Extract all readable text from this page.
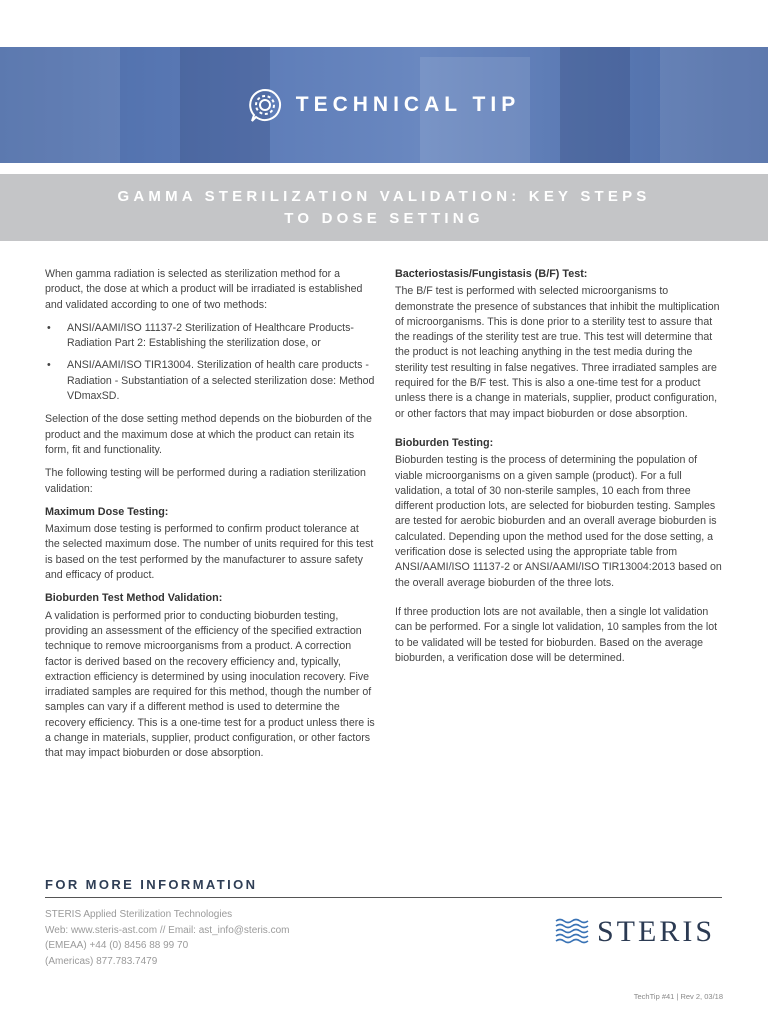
TECHNICAL TIP
GAMMA STERILIZATION VALIDATION: KEY STEPS
TO DOSE SETTING

When gamma radiation is selected as sterilization method for a product, the dose at which a product will be irradiated is established and validated according to one of two methods:

• ANSI/AAMI/ISO 11137-2 Sterilization of Healthcare Products- Radiation Part 2: Establishing the sterilization dose, or
• ANSI/AAMI/ISO TIR13004. Sterilization of health care products - Radiation - Substantiation of a selected sterilization dose: Method VDmaxSD.

Selection of the dose setting method depends on the bioburden of the product and the maximum dose at which the product can retain its form, fit and functionality.

The following testing will be performed during a radiation sterilization validation:

Maximum Dose Testing:

Maximum dose testing is performed to confirm product tolerance at the selected maximum dose. The number of units required for this test is based on the test performed by the manufacturer to assure safety and efficacy of product.

Bioburden Test Method Validation:

A validation is performed prior to conducting bioburden testing, providing an assessment of the efficiency of the specified extraction technique to remove microorganisms from a product. A correction factor is derived based on the recovery efficiency and, typically, extraction efficiency is determined by using inoculation recovery. Five irradiated samples are required for this method, though the number of samples can vary if a different method is used to determine the recovery efficiency. This is a one-time test for a product unless there is a change in materials, supplier, product configuration, or other factors that may impact bioburden or dose absorption.

Bacteriostasis/Fungistasis (B/F) Test:

The B/F test is performed with selected microorganisms to demonstrate the presence of substances that inhibit the multiplication of microorganisms. This is done prior to a sterility test to assure that the readings of the sterility test are true. This test will determine that the product is not leaching anything in the test media during the sterility test resulting in false negatives. Three irradiated samples are required for the B/F test. This is also a one-time test for a product unless there is a change in materials, supplier, product configuration, or other factors that may impact bioburden or dose absorption.

Bioburden Testing:

Bioburden testing is the process of determining the population of viable microorganisms on a given sample (product). For a full validation, a total of 30 non-sterile samples, 10 each from three different production lots, are selected for bioburden testing. Samples are tested for aerobic bioburden and an overall average bioburden is calculated. Depending upon the method used for the dose setting, a verification dose is selected using the appropriate table from ANSI/AAMI/ISO 11137-2 or ANSI/AAMI/ISO TIR13004:2013 based on the overall average bioburden of the three lots.

If three production lots are not available, then a single lot validation can be performed. For a single lot validation, 10 samples from the lot to be validated will be tested for bioburden. Based on the average bioburden, a verification dose will be determined.

FOR MORE INFORMATION
STERIS Applied Sterilization Technologies
Web: www.steris-ast.com // Email: ast_info@steris.com
(EMEAA) +44 (0) 8456 88 99 70
(Americas) 877.783.7479
STERIS
TechTip #41 | Rev 2, 03/18
